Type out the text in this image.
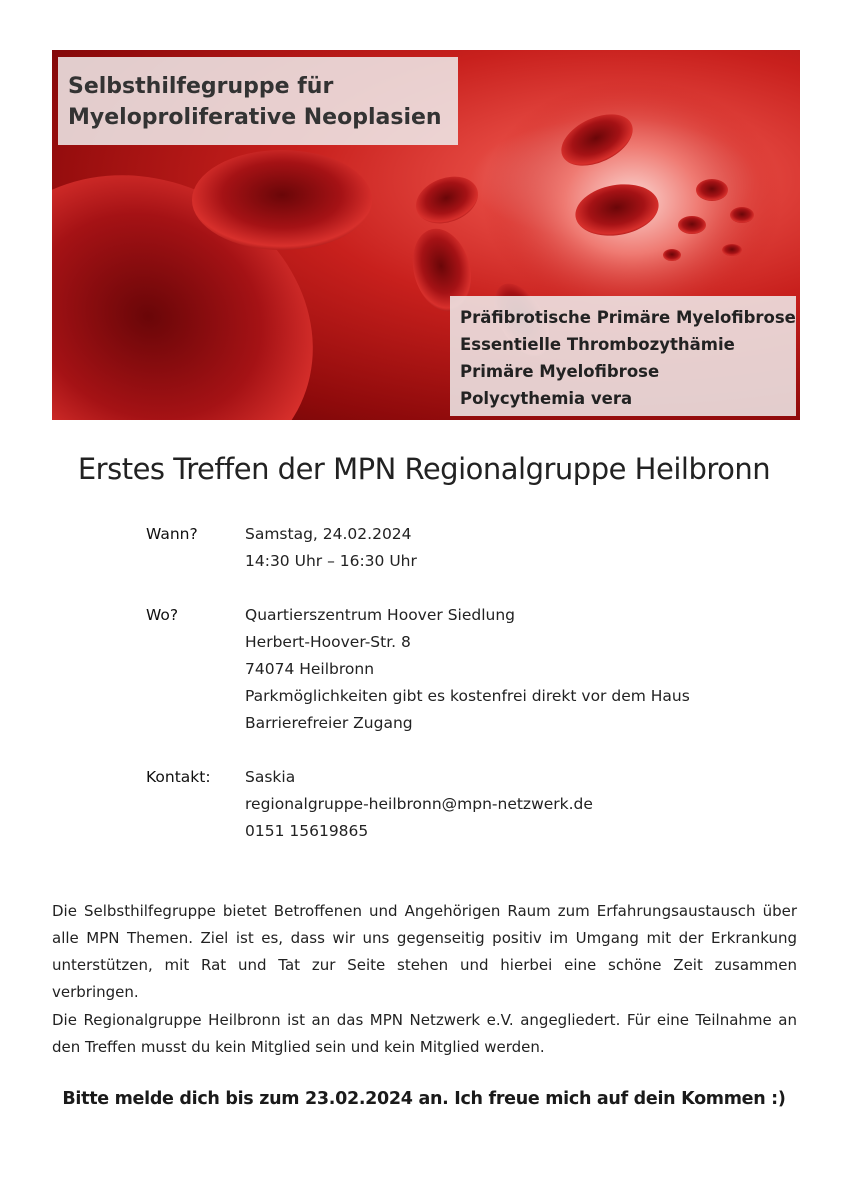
Selbsthilfegruppe für
Myeloproliferative Neoplasien
Präfibrotische Primäre Myelofibrose
Essentielle Thrombozythämie
Primäre Myelofibrose
Polycythemia vera
Erstes Treffen der MPN Regionalgruppe Heilbronn
Wann?	Samstag, 24.02.2024
14:30 Uhr – 16:30 Uhr
Wo?	Quartierszentrum Hoover Siedlung
Herbert-Hoover-Str. 8
74074 Heilbronn
Parkmöglichkeiten gibt es kostenfrei direkt vor dem Haus
Barrierefreier Zugang
Kontakt:	Saskia
regionalgruppe-heilbronn@mpn-netzwerk.de
0151 15619865
Die Selbsthilfegruppe bietet Betroffenen und Angehörigen Raum zum Erfahrungsaustausch über alle MPN Themen. Ziel ist es, dass wir uns gegenseitig positiv im Umgang mit der Erkrankung unterstützen, mit Rat und Tat zur Seite stehen und hierbei eine schöne Zeit zusammen verbringen.
Die Regionalgruppe Heilbronn ist an das MPN Netzwerk e.V. angegliedert. Für eine Teilnahme an den Treffen musst du kein Mitglied sein und kein Mitglied werden.
Bitte melde dich bis zum 23.02.2024 an. Ich freue mich auf dein Kommen :)
